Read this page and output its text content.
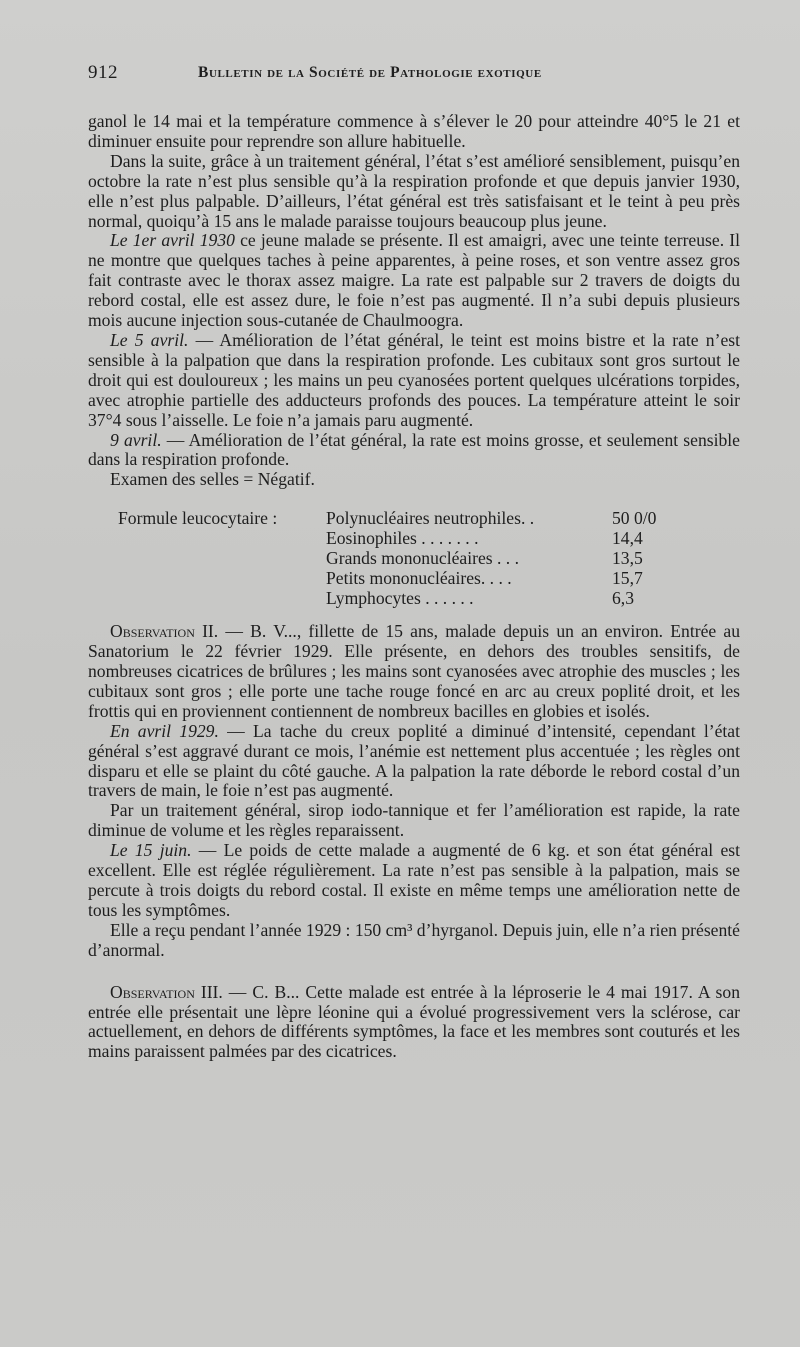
912	Bulletin de la Société de Pathologie exotique

ganol le 14 mai et la température commence à s’élever le 20 pour atteindre 40°5 le 21 et diminuer ensuite pour reprendre son allure habituelle.

Dans la suite, grâce à un traitement général, l’état s’est amélioré sensiblement, puisqu’en octobre la rate n’est plus sensible qu’à la respiration profonde et que depuis janvier 1930, elle n’est plus palpable. D’ailleurs, l’état général est très satisfaisant et le teint à peu près normal, quoiqu’à 15 ans le malade paraisse toujours beaucoup plus jeune.

Le 1er avril 1930 ce jeune malade se présente. Il est amaigri, avec une teinte terreuse. Il ne montre que quelques taches à peine apparentes, à peine roses, et son ventre assez gros fait contraste avec le thorax assez maigre. La rate est palpable sur 2 travers de doigts du rebord costal, elle est assez dure, le foie n’est pas augmenté. Il n’a subi depuis plusieurs mois aucune injection sous-cutanée de Chaulmoogra.

Le 5 avril. — Amélioration de l’état général, le teint est moins bistre et la rate n’est sensible à la palpation que dans la respiration profonde. Les cubitaux sont gros surtout le droit qui est douloureux ; les mains un peu cyanosées portent quelques ulcérations torpides, avec atrophie partielle des adducteurs profonds des pouces. La température atteint le soir 37°4 sous l’aisselle. Le foie n’a jamais paru augmenté.

9 avril. — Amélioration de l’état général, la rate est moins grosse, et seulement sensible dans la respiration profonde.

Examen des selles = Négatif.

Formule leucocytaire :	Polynucléaires neutrophiles. .	50 0/0
Eosinophiles . . . . . . .	14,4
Grands mononucléaires . . .	13,5
Petits mononucléaires. . . .	15,7
Lymphocytes . . . . . .	6,3

Observation II. — B. V..., fillette de 15 ans, malade depuis un an environ. Entrée au Sanatorium le 22 février 1929. Elle présente, en dehors des troubles sensitifs, de nombreuses cicatrices de brûlures ; les mains sont cyanosées avec atrophie des muscles ; les cubitaux sont gros ; elle porte une tache rouge foncé en arc au creux poplité droit, et les frottis qui en proviennent contiennent de nombreux bacilles en globies et isolés.

En avril 1929. — La tache du creux poplité a diminué d’intensité, cependant l’état général s’est aggravé durant ce mois, l’anémie est nettement plus accentuée ; les règles ont disparu et elle se plaint du côté gauche. A la palpation la rate déborde le rebord costal d’un travers de main, le foie n’est pas augmenté.

Par un traitement général, sirop iodo-tannique et fer l’amélioration est rapide, la rate diminue de volume et les règles reparaissent.

Le 15 juin. — Le poids de cette malade a augmenté de 6 kg. et son état général est excellent. Elle est réglée régulièrement. La rate n’est pas sensible à la palpation, mais se percute à trois doigts du rebord costal. Il existe en même temps une amélioration nette de tous les symptômes.

Elle a reçu pendant l’année 1929 : 150 cm³ d’hyrganol. Depuis juin, elle n’a rien présenté d’anormal.

Observation III. — C. B... Cette malade est entrée à la léproserie le 4 mai 1917. A son entrée elle présentait une lèpre léonine qui a évolué progressivement vers la sclérose, car actuellement, en dehors de différents symptômes, la face et les membres sont couturés et les mains paraissent palmées par des cicatrices.
